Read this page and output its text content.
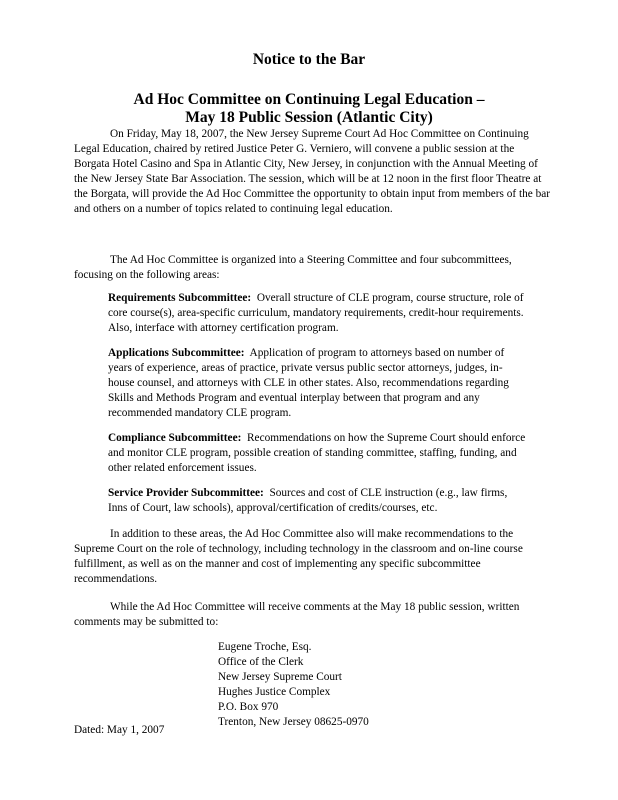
Notice to the Bar
Ad Hoc Committee on Continuing Legal Education –
May 18 Public Session (Atlantic City)

On Friday, May 18, 2007, the New Jersey Supreme Court Ad Hoc Committee on Continuing Legal Education, chaired by retired Justice Peter G. Verniero, will convene a public session at the Borgata Hotel Casino and Spa in Atlantic City, New Jersey, in conjunction with the Annual Meeting of the New Jersey State Bar Association. The session, which will be at 12 noon in the first floor Theatre at the Borgata, will provide the Ad Hoc Committee the opportunity to obtain input from members of the bar and others on a number of topics related to continuing legal education.

The Ad Hoc Committee is organized into a Steering Committee and four subcommittees, focusing on the following areas:

Requirements Subcommittee: Overall structure of CLE program, course structure, role of core course(s), area-specific curriculum, mandatory requirements, credit-hour requirements. Also, interface with attorney certification program.

Applications Subcommittee: Application of program to attorneys based on number of years of experience, areas of practice, private versus public sector attorneys, judges, in-house counsel, and attorneys with CLE in other states. Also, recommendations regarding Skills and Methods Program and eventual interplay between that program and any recommended mandatory CLE program.

Compliance Subcommittee: Recommendations on how the Supreme Court should enforce and monitor CLE program, possible creation of standing committee, staffing, funding, and other related enforcement issues.

Service Provider Subcommittee: Sources and cost of CLE instruction (e.g., law firms, Inns of Court, law schools), approval/certification of credits/courses, etc.

In addition to these areas, the Ad Hoc Committee also will make recommendations to the Supreme Court on the role of technology, including technology in the classroom and on-line course fulfillment, as well as on the manner and cost of implementing any specific subcommittee recommendations.

While the Ad Hoc Committee will receive comments at the May 18 public session, written comments may be submitted to:

Eugene Troche, Esq.
Office of the Clerk
New Jersey Supreme Court
Hughes Justice Complex
P.O. Box 970
Trenton, New Jersey 08625-0970
Dated: May 1, 2007
